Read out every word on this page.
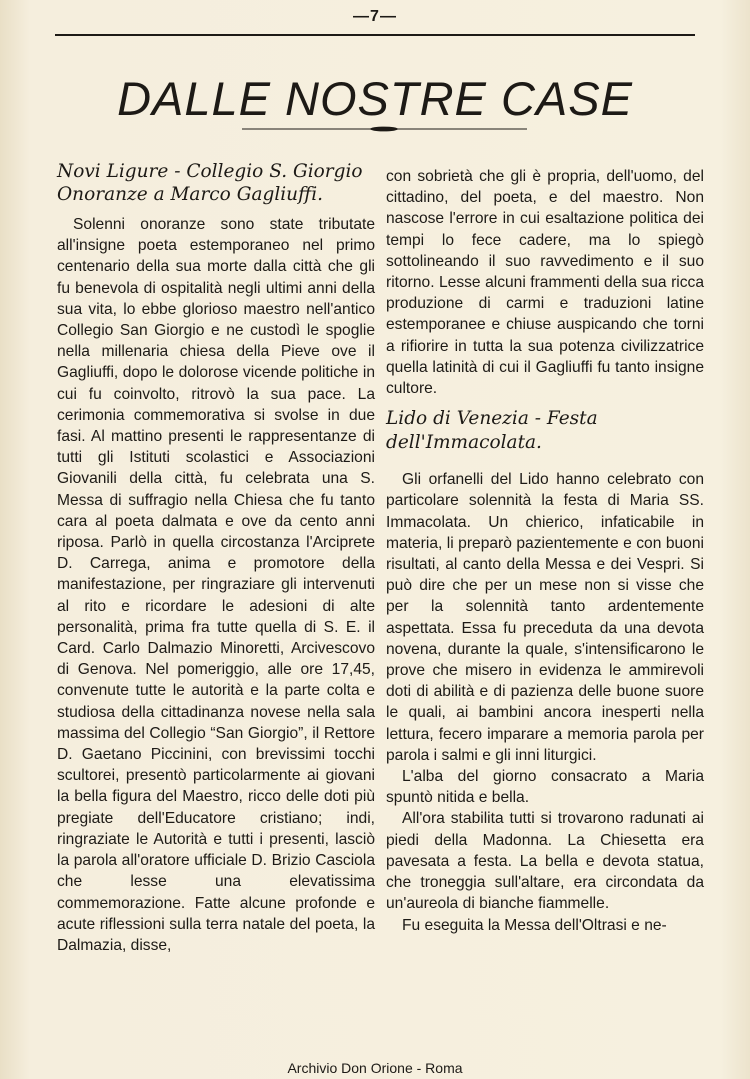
—7—
DALLE NOSTRE CASE
Novi Ligure - Collegio S. Giorgio Onoranze a Marco Gagliuffi.

Solenni onoranze sono state tributate all'insigne poeta estemporaneo nel primo centenario della sua morte dalla città che gli fu benevola di ospitalità negli ultimi anni della sua vita, lo ebbe glorioso maestro nell'antico Collegio San Giorgio e ne custodì le spoglie nella millenaria chiesa della Pieve ove il Gagliuffi, dopo le dolorose vicende politiche in cui fu coinvolto, ritrovò la sua pace. La cerimonia commemorativa si svolse in due fasi. Al mattino presenti le rappresentanze di tutti gli Istituti scolastici e Associazioni Giovanili della città, fu celebrata una S. Messa di suffragio nella Chiesa che fu tanto cara al poeta dalmata e ove da cento anni riposa. Parlò in quella circostanza l'Arciprete D. Carrega, anima e promotore della manifestazione, per ringraziare gli intervenuti al rito e ricordare le adesioni di alte personalità, prima fra tutte quella di S. E. il Card. Carlo Dalmazio Minoretti, Arcivescovo di Genova. Nel pomeriggio, alle ore 17,45, convenute tutte le autorità e la parte colta e studiosa della cittadinanza novese nella sala massima del Collegio “San Giorgio”, il Rettore D. Gaetano Piccinini, con brevissimi tocchi scultorei, presentò particolarmente ai giovani la bella figura del Maestro, ricco delle doti più pregiate dell'Educatore cristiano; indi, ringraziate le Autorità e tutti i presenti, lasciò la parola all'oratore ufficiale D. Brizio Casciola che lesse una elevatissima commemorazione. Fatte alcune profonde e acute riflessioni sulla terra natale del poeta, la Dalmazia, disse,

con sobrietà che gli è propria, dell'uomo, del cittadino, del poeta, e del maestro. Non nascose l'errore in cui esaltazione politica dei tempi lo fece cadere, ma lo spiegò sottolineando il suo ravvedimento e il suo ritorno. Lesse alcuni frammenti della sua ricca produzione di carmi e traduzioni latine estemporanee e chiuse auspicando che torni a rifiorire in tutta la sua potenza civilizzatrice quella latinità di cui il Gagliuffi fu tanto insigne cultore.

Lido di Venezia - Festa dell'Immacolata.

Gli orfanelli del Lido hanno celebrato con particolare solennità la festa di Maria SS. Immacolata. Un chierico, infaticabile in materia, li preparò pazientemente e con buoni risultati, al canto della Messa e dei Vespri. Si può dire che per un mese non si visse che per la solennità tanto ardentemente aspettata. Essa fu preceduta da una devota novena, durante la quale, s'intensificarono le prove che misero in evidenza le ammirevoli doti di abilità e di pazienza delle buone suore le quali, ai bambini ancora inesperti nella lettura, fecero imparare a memoria parola per parola i salmi e gli inni liturgici.

L'alba del giorno consacrato a Maria spuntò nitida e bella.

All'ora stabilita tutti si trovarono radunati ai piedi della Madonna. La Chiesetta era pavesata a festa. La bella e devota statua, che troneggia sull'altare, era circondata da un'aureola di bianche fiammelle.

Fu eseguita la Messa dell'Oltrasi e ne-

Archivio Don Orione - Roma
